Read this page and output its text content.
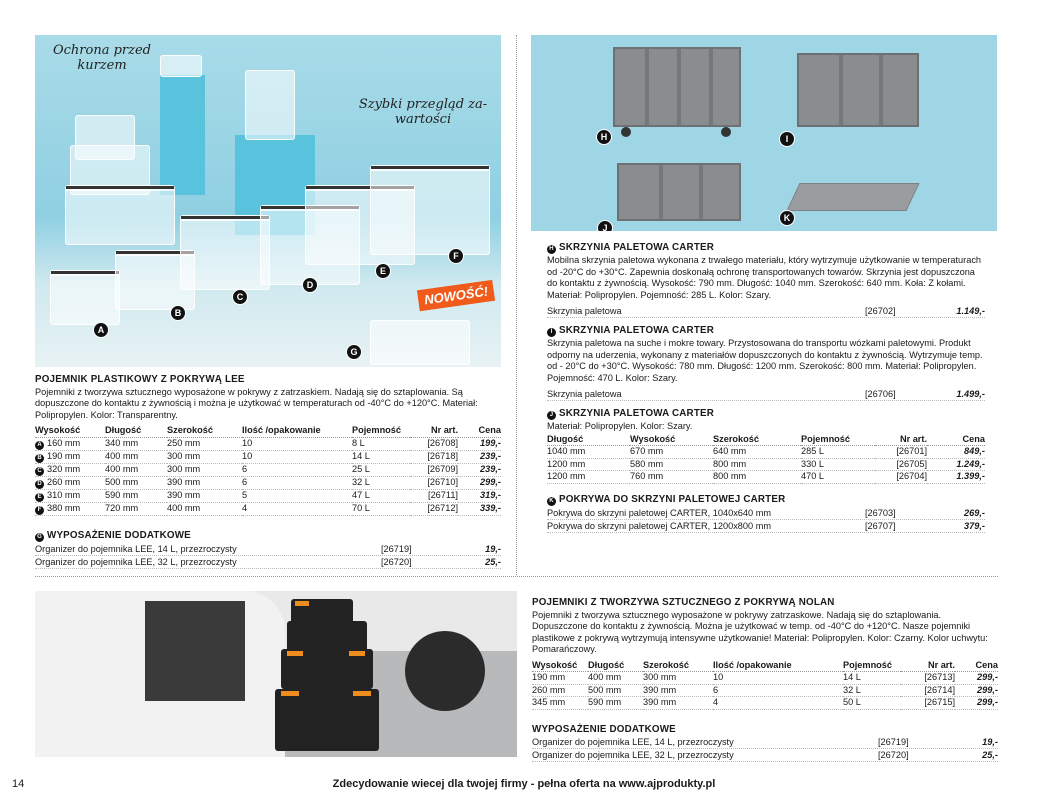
Ochrona przed
kurzem
Szybki przegląd za-
wartości
NOWOŚĆ!
A
B
C
D
E
F
G
H	I
J
K
POJEMNIK PLASTIKOWY Z POKRYWĄ LEE
Pojemniki z tworzywa sztucznego wyposażone w pokrywy z zatrzaskiem. Nadają się do sztaplowania. Są dopuszczone do kontaktu z żywnością i można je użytkować w temperaturach od -40°C do +120°C. Materiał: Polipropylen. Kolor: Transparentny.
Wysokość	Długość	Szerokość	Ilość /opakowanie	Pojemność	Nr art.	Cena
A 160 mm	340 mm	250 mm	10	8 L	[26708]	199,-
B 190 mm	400 mm	300 mm	10	14 L	[26718]	239,-
C 320 mm	400 mm	300 mm	6	25 L	[26709]	239,-
D 260 mm	500 mm	390 mm	6	32 L	[26710]	299,-
E 310 mm	590 mm	390 mm	5	47 L	[26711]	319,-
F 380 mm	720 mm	400 mm	4	70 L	[26712]	339,-
G WYPOSAŻENIE DODATKOWE
Organizer do pojemnika LEE, 14 L, przezroczysty	[26719]	19,-
Organizer do pojemnika LEE, 32 L, przezroczysty	[26720]	25,-
H SKRZYNIA PALETOWA CARTER
Mobilna skrzynia paletowa wykonana z trwałego materiału, który wytrzymuje użytkowanie w temperaturach od -20°C do +30°C. Zapewnia doskonałą ochronę transportowanych towarów. Skrzynia jest dopuszczona do kontaktu z żywnością. Wysokość: 790 mm. Długość: 1040 mm. Szerokość: 640 mm. Koła: Z kołami. Materiał: Polipropylen. Pojemność: 285 L. Kolor: Szary.
Skrzynia paletowa	[26702]	1.149,-
I SKRZYNIA PALETOWA CARTER
Skrzynia paletowa na suche i mokre towary. Przystosowana do transportu wózkami paletowymi. Produkt odporny na uderzenia, wykonany z materiałów dopuszczonych do kontaktu z żywnością. Wytrzymuje temp. od - 20°C do +30°C. Wysokość: 780 mm. Długość: 1200 mm. Szerokość: 800 mm. Materiał: Polipropylen. Pojemność: 470 L. Kolor: Szary.
Skrzynia paletowa	[26706]	1.499,-
J SKRZYNIA PALETOWA CARTER
Materiał: Polipropylen. Kolor: Szary.
Długość	Wysokość	Szerokość	Pojemność	Nr art.	Cena
1040 mm	670 mm	640 mm	285 L	[26701]	849,-
1200 mm	580 mm	800 mm	330 L	[26705]	1.249,-
1200 mm	760 mm	800 mm	470 L	[26704]	1.399,-
K POKRYWA DO SKRZYNI PALETOWEJ CARTER
Pokrywa do skrzyni paletowej CARTER, 1040x640 mm	[26703]	269,-
Pokrywa do skrzyni paletowej CARTER, 1200x800 mm	[26707]	379,-
POJEMNIKI Z TWORZYWA SZTUCZNEGO Z POKRYWĄ NOLAN
Pojemniki z tworzywa sztucznego wyposażone w pokrywy zatrzaskowe. Nadają się do sztaplowania. Dopuszczone do kontaktu z żywnością. Można je użytkować w temp. od -40°C do +120°C. Nasze pojemniki plastikowe z pokrywą wytrzymują intensywne użytkowanie! Materiał: Polipropylen. Kolor: Czarny. Kolor uchwytu: Pomarańczowy.
Wysokość	Długość	Szerokość	Ilość /opakowanie	Pojemność	Nr art.	Cena
190 mm	400 mm	300 mm	10	14 L	[26713]	299,-
260 mm	500 mm	390 mm	6	32 L	[26714]	299,-
345 mm	590 mm	390 mm	4	50 L	[26715]	299,-
WYPOSAŻENIE DODATKOWE
Organizer do pojemnika LEE, 14 L, przezroczysty	[26719]	19,-
Organizer do pojemnika LEE, 32 L, przezroczysty	[26720]	25,-
14	Zdecydowanie wiecej dla twojej firmy - pełna oferta na www.ajprodukty.pl
